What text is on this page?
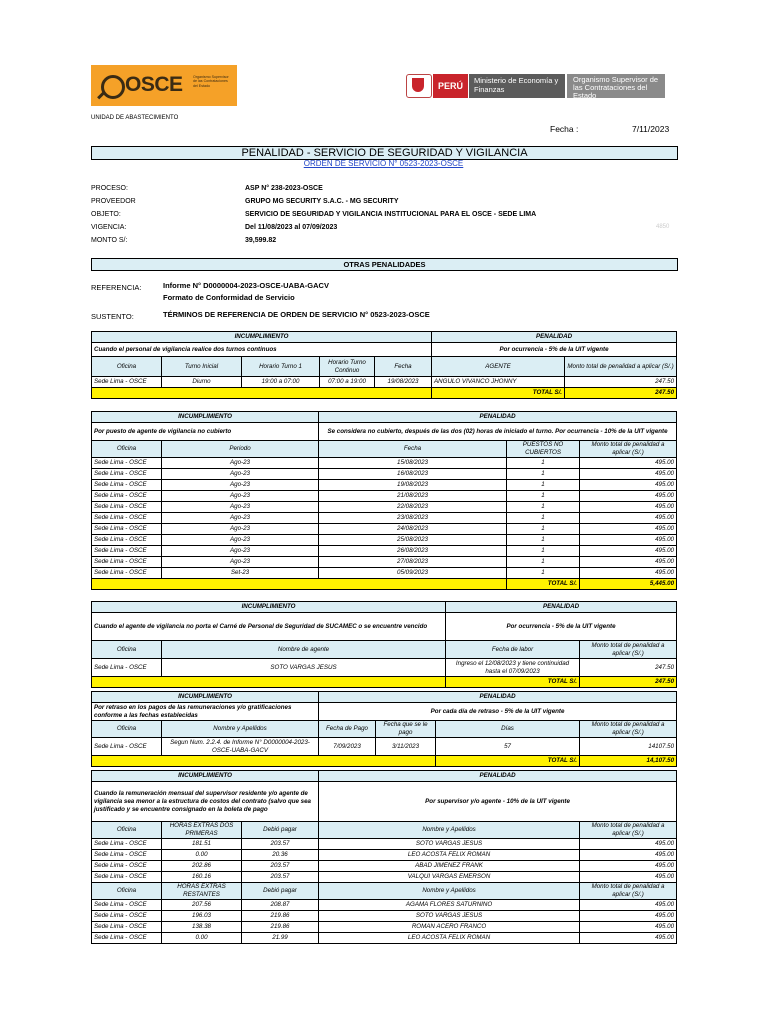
OSCE	Organismo Supervisor de las Contrataciones del Estado	PERÚ
Ministerio de Economía y Finanzas
Organismo Supervisor de las Contrataciones del Estado
UNIDAD DE ABASTECIMIENTO
Fecha :	7/11/2023
PENALIDAD - SERVICIO DE SEGURIDAD Y VIGILANCIA
ORDEN DE SERVICIO N° 0523-2023-OSCE
PROCESO:	ASP N° 238-2023-OSCE
PROVEEDOR	GRUPO MG SECURITY S.A.C. - MG SECURITY
OBJETO:	SERVICIO DE SEGURIDAD Y VIGILANCIA INSTITUCIONAL PARA EL OSCE - SEDE LIMA
VIGENCIA:	Del 11/08/2023 al 07/09/2023	4850
MONTO S/:	39,599.82
OTRAS PENALIDADES
REFERENCIA:	Informe N° D0000004-2023-OSCE-UABA-GACV
Formato de Conformidad de Servicio
SUSTENTO:	TÉRMINOS DE REFERENCIA DE ORDEN DE SERVICIO N° 0523-2023-OSCE
INCUMPLIMIENTO					PENALIDAD	
Cuando el personal de vigilancia realice dos turnos continuos					Por ocurrencia - 5% de la UIT vigente	
Oficina	Turno Inicial	Horario Turno 1	Horario Turno Continuo	Fecha	AGENTE	Monto total de penalidad a aplicar (S/.)
Sede Lima - OSCE	Diurno	19:00 a 07:00	07:00 a 19:00	19/08/2023	ANGULO VIVANCO JHONNY	247.50
					TOTAL S/.	247.50
INCUMPLIMIENTO		PENALIDAD		
Por puesto de agente de vigilancia no cubierto		Se considera no cubierto, después de las dos (02) horas de iniciado el turno. Por ocurrencia - 10% de la UIT vigente		
Oficina	Periodo	Fecha	PUESTOS NO CUBIERTOS	Monto total de penalidad a aplicar (S/.)
Sede Lima - OSCE	Ago-23	15/08/2023	1	495.00
Sede Lima - OSCE	Ago-23	16/08/2023	1	495.00
Sede Lima - OSCE	Ago-23	19/08/2023	1	495.00
Sede Lima - OSCE	Ago-23	21/08/2023	1	495.00
Sede Lima - OSCE	Ago-23	22/08/2023	1	495.00
Sede Lima - OSCE	Ago-23	23/08/2023	1	495.00
Sede Lima - OSCE	Ago-23	24/08/2023	1	495.00
Sede Lima - OSCE	Ago-23	25/08/2023	1	495.00
Sede Lima - OSCE	Ago-23	26/08/2023	1	495.00
Sede Lima - OSCE	Ago-23	27/08/2023	1	495.00
Sede Lima - OSCE	Set-23	05/09/2023	1	495.00
			TOTAL S/.	5,445.00
INCUMPLIMIENTO		PENALIDAD	
Cuando el agente de vigilancia no porta el Carné de Personal de Seguridad de SUCAMEC o se encuentre vencido		Por ocurrencia - 5% de la UIT vigente	
Oficina	Nombre de agente	Fecha de labor	Monto total de penalidad a aplicar (S/.)
Sede Lima - OSCE	SOTO VARGAS JESUS	Ingreso el 12/08/2023 y tiene continuidad hasta el 07/09/2023	247.50
		TOTAL S/.	247.50
INCUMPLIMIENTO		PENALIDAD			
Por retraso en los pagos de las remuneraciones y/o gratificaciones conforme a las fechas establecidas		Por cada día de retraso - 5% de la UIT vigente			
Oficina	Nombre y Apellidos	Fecha de Pago	Fecha que se le pago	Días	Monto total de penalidad a aplicar (S/.)
Sede Lima - OSCE	Segun Num. 2.2.4. de Informe N° D0000004-2023-OSCE-UABA-GACV	7/09/2023	3/11/2023	57	14107.50
				TOTAL S/.	14,107.50
INCUMPLIMIENTO			PENALIDAD	
Cuando la remuneración mensual del supervisor residente y/o agente de vigilancia sea menor a la estructura de costos del contrato (salvo que sea justificado y se encuentre consignado en la boleta de pago			Por supervisor y/o agente - 10% de la UIT vigente	
Oficina	HORAS EXTRAS DOS PRIMERAS	Debió pagar	Nombre y Apellidos	Monto total de penalidad a aplicar (S/.)
Sede Lima - OSCE	181.51	203.57	SOTO VARGAS JESUS	495.00
Sede Lima - OSCE	0.00	20.36	LEO ACOSTA FELIX ROMAN	495.00
Sede Lima - OSCE	202.86	203.57	ABAD JIMENEZ FRANK	495.00
Sede Lima - OSCE	160.16	203.57	VALQUI VARGAS EMERSON	495.00
Oficina	HORAS EXTRAS RESTANTES	Debió pagar	Nombre y Apellidos	Monto total de penalidad a aplicar (S/.)
Sede Lima - OSCE	207.56	208.87	AGAMA FLORES SATURNINO	495.00
Sede Lima - OSCE	196.03	219.86	SOTO VARGAS JESUS	495.00
Sede Lima - OSCE	138.38	219.86	ROMAN ACERO FRANCO	495.00
Sede Lima - OSCE	0.00	21.99	LEO ACOSTA FELIX ROMAN	495.00
